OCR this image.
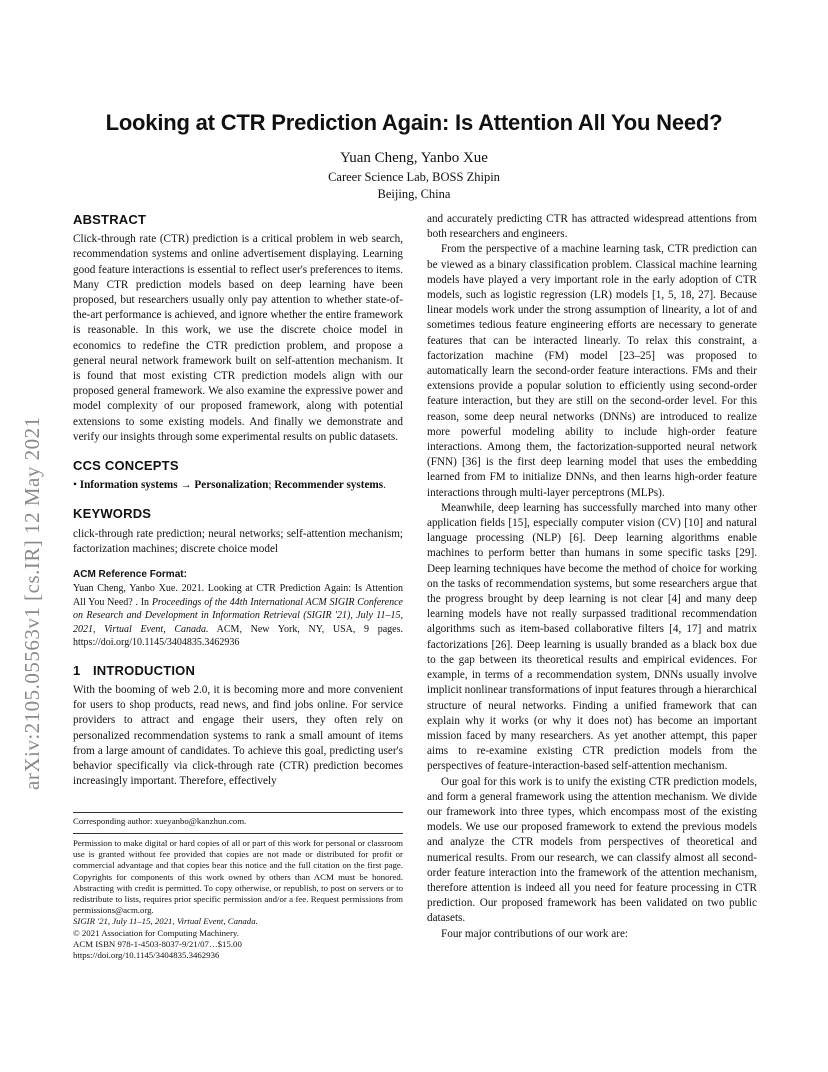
arXiv:2105.05563v1 [cs.IR] 12 May 2021
Looking at CTR Prediction Again: Is Attention All You Need?
Yuan Cheng, Yanbo Xue
Career Science Lab, BOSS Zhipin
Beijing, China
ABSTRACT

Click-through rate (CTR) prediction is a critical problem in web search, recommendation systems and online advertisement displaying. Learning good feature interactions is essential to reflect user's preferences to items. Many CTR prediction models based on deep learning have been proposed, but researchers usually only pay attention to whether state-of-the-art performance is achieved, and ignore whether the entire framework is reasonable. In this work, we use the discrete choice model in economics to redefine the CTR prediction problem, and propose a general neural network framework built on self-attention mechanism. It is found that most existing CTR prediction models align with our proposed general framework. We also examine the expressive power and model complexity of our proposed framework, along with potential extensions to some existing models. And finally we demonstrate and verify our insights through some experimental results on public datasets.

CCS CONCEPTS

• Information systems → Personalization; Recommender systems.

KEYWORDS

click-through rate prediction; neural networks; self-attention mechanism; factorization machines; discrete choice model

ACM Reference Format:
Yuan Cheng, Yanbo Xue. 2021. Looking at CTR Prediction Again: Is Attention All You Need? . In Proceedings of the 44th International ACM SIGIR Conference on Research and Development in Information Retrieval (SIGIR '21), July 11–15, 2021, Virtual Event, Canada. ACM, New York, NY, USA, 9 pages. https://doi.org/10.1145/3404835.3462936
1 INTRODUCTION

With the booming of web 2.0, it is becoming more and more convenient for users to shop products, read news, and find jobs online. For service providers to attract and engage their users, they often rely on personalized recommendation systems to rank a small amount of items from a large amount of candidates. To achieve this goal, predicting user's behavior specifically via click-through rate (CTR) prediction becomes increasingly important. Therefore, effectively

Corresponding author: xueyanbo@kanzhun.com.
Permission to make digital or hard copies of all or part of this work for personal or classroom use is granted without fee provided that copies are not made or distributed for profit or commercial advantage and that copies bear this notice and the full citation on the first page. Copyrights for components of this work owned by others than ACM must be honored. Abstracting with credit is permitted. To copy otherwise, or republish, to post on servers or to redistribute to lists, requires prior specific permission and/or a fee. Request permissions from permissions@acm.org.
SIGIR '21, July 11–15, 2021, Virtual Event, Canada.
© 2021 Association for Computing Machinery.
ACM ISBN 978-1-4503-8037-9/21/07…$15.00
https://doi.org/10.1145/3404835.3462936

and accurately predicting CTR has attracted widespread attentions from both researchers and engineers.

From the perspective of a machine learning task, CTR prediction can be viewed as a binary classification problem. Classical machine learning models have played a very important role in the early adoption of CTR models, such as logistic regression (LR) models [1, 5, 18, 27]. Because linear models work under the strong assumption of linearity, a lot of and sometimes tedious feature engineering efforts are necessary to generate features that can be interacted linearly. To relax this constraint, a factorization machine (FM) model [23–25] was proposed to automatically learn the second-order feature interactions. FMs and their extensions provide a popular solution to efficiently using second-order feature interaction, but they are still on the second-order level. For this reason, some deep neural networks (DNNs) are introduced to realize more powerful modeling ability to include high-order feature interactions. Among them, the factorization-supported neural network (FNN) [36] is the first deep learning model that uses the embedding learned from FM to initialize DNNs, and then learns high-order feature interactions through multi-layer perceptrons (MLPs).

Meanwhile, deep learning has successfully marched into many other application fields [15], especially computer vision (CV) [10] and natural language processing (NLP) [6]. Deep learning algorithms enable machines to perform better than humans in some specific tasks [29]. Deep learning techniques have become the method of choice for working on the tasks of recommendation systems, but some researchers argue that the progress brought by deep learning is not clear [4] and many deep learning models have not really surpassed traditional recommendation algorithms such as item-based collaborative filters [4, 17] and matrix factorizations [26]. Deep learning is usually branded as a black box due to the gap between its theoretical results and empirical evidences. For example, in terms of a recommendation system, DNNs usually involve implicit nonlinear transformations of input features through a hierarchical structure of neural networks. Finding a unified framework that can explain why it works (or why it does not) has become an important mission faced by many researchers. As yet another attempt, this paper aims to re-examine existing CTR prediction models from the perspectives of feature-interaction-based self-attention mechanism.

Our goal for this work is to unify the existing CTR prediction models, and form a general framework using the attention mechanism. We divide our framework into three types, which encompass most of the existing models. We use our proposed framework to extend the previous models and analyze the CTR models from perspectives of theoretical and numerical results. From our research, we can classify almost all second-order feature interaction into the framework of the attention mechanism, therefore attention is indeed all you need for feature processing in CTR prediction. Our proposed framework has been validated on two public datasets.

Four major contributions of our work are:
